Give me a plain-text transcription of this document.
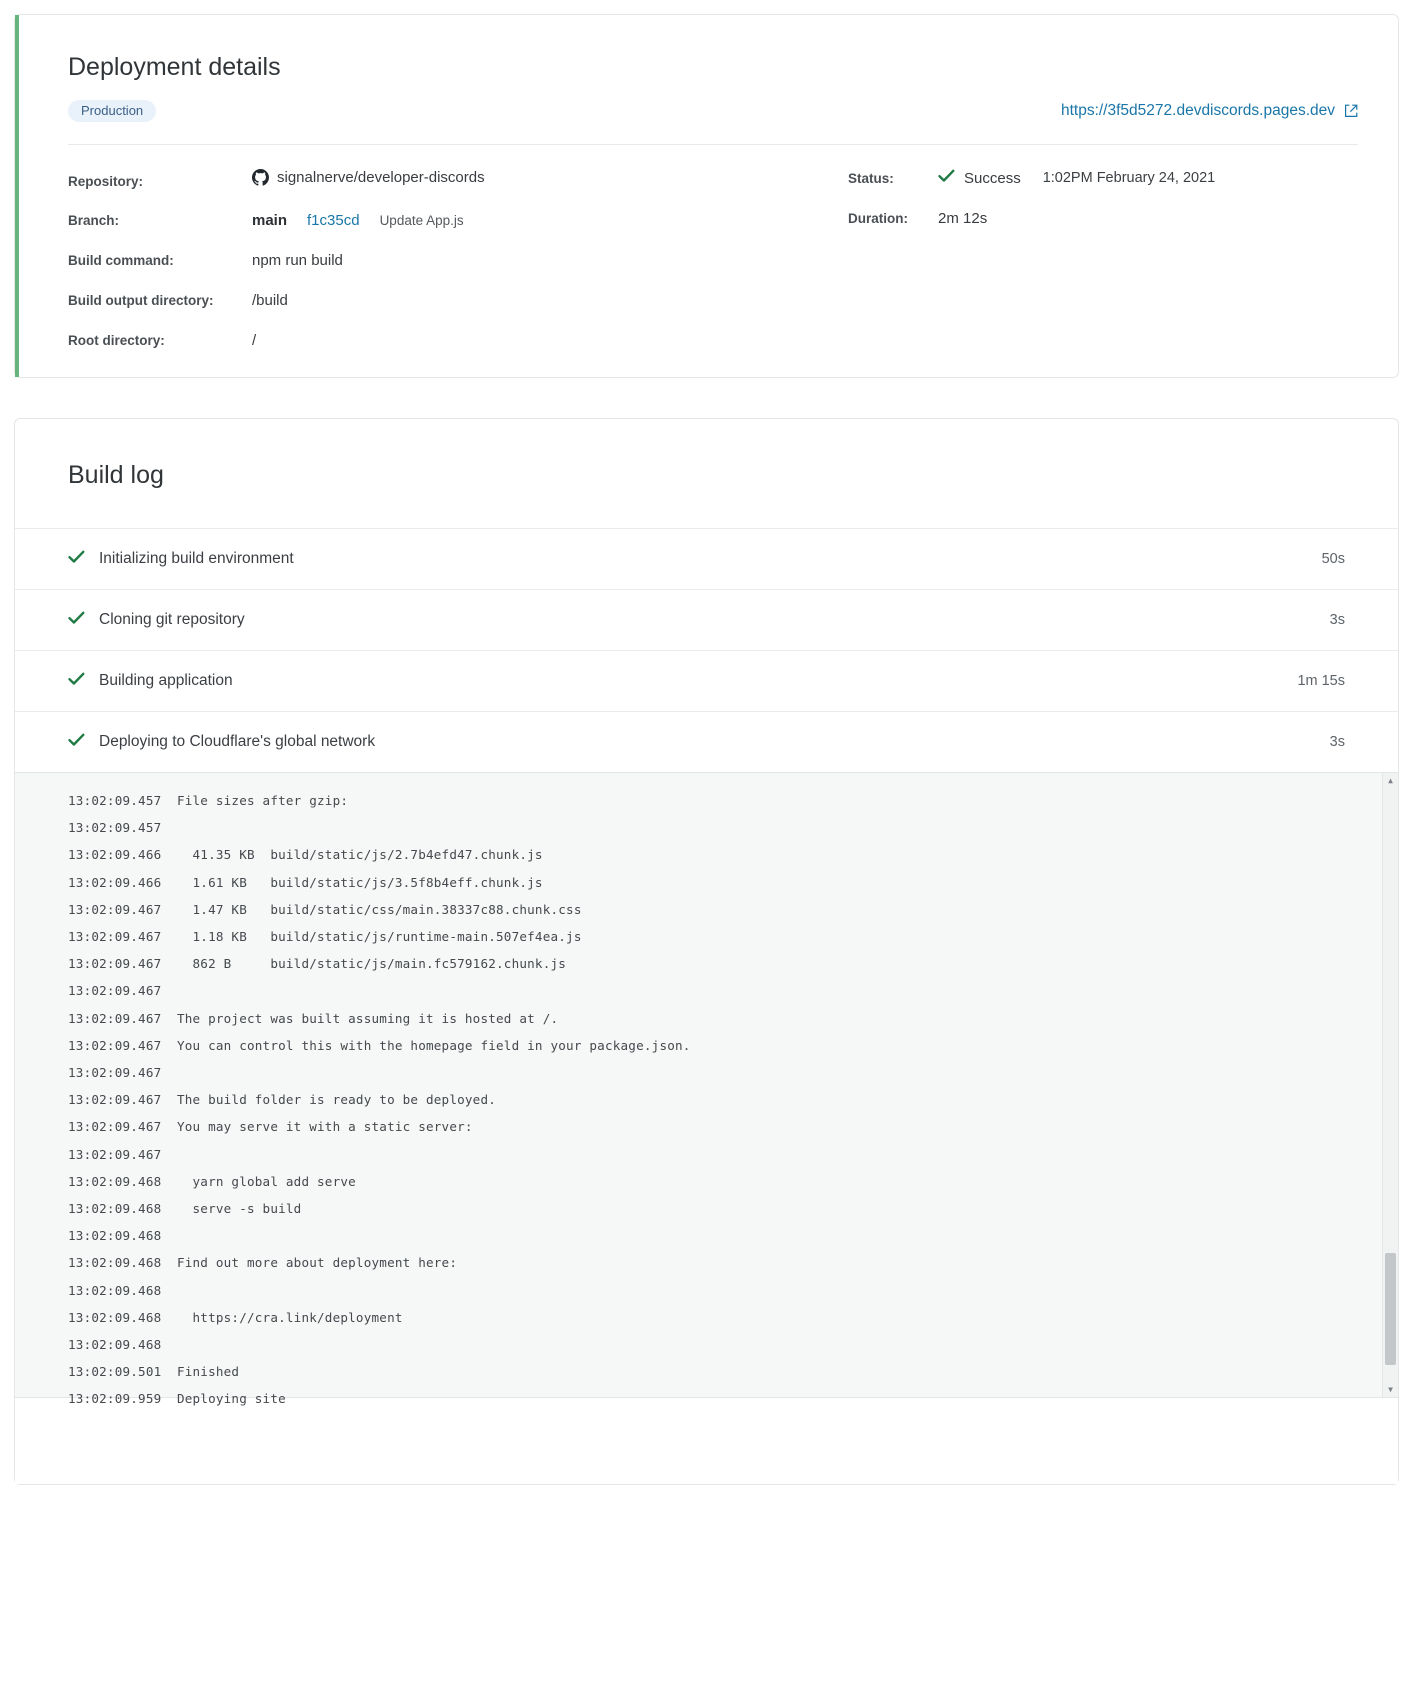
Deployment details
Production	https://3f5d5272.devdiscords.pages.dev
Repository:	signalnerve/developer-discords
Branch:	main f1c35cd Update App.js
Build command:	npm run build
Build output directory:	/build
Root directory:	/
Status:	Success 1:02PM February 24, 2021
Duration:	2m 12s
Build log
Initializing build environment	50s
Cloning git repository	3s
Building application	1m 15s
Deploying to Cloudflare's global network	3s
13:02:09.457  File sizes after gzip:
13:02:09.457
13:02:09.466    41.35 KB  build/static/js/2.7b4efd47.chunk.js
13:02:09.466    1.61 KB   build/static/js/3.5f8b4eff.chunk.js
13:02:09.467    1.47 KB   build/static/css/main.38337c88.chunk.css
13:02:09.467    1.18 KB   build/static/js/runtime-main.507ef4ea.js
13:02:09.467    862 B     build/static/js/main.fc579162.chunk.js
13:02:09.467
13:02:09.467  The project was built assuming it is hosted at /.
13:02:09.467  You can control this with the homepage field in your package.json.
13:02:09.467
13:02:09.467  The build folder is ready to be deployed.
13:02:09.467  You may serve it with a static server:
13:02:09.467
13:02:09.468    yarn global add serve
13:02:09.468    serve -s build
13:02:09.468
13:02:09.468  Find out more about deployment here:
13:02:09.468
13:02:09.468    https://cra.link/deployment
13:02:09.468
13:02:09.501  Finished
13:02:09.959  Deploying site
▲
▼
